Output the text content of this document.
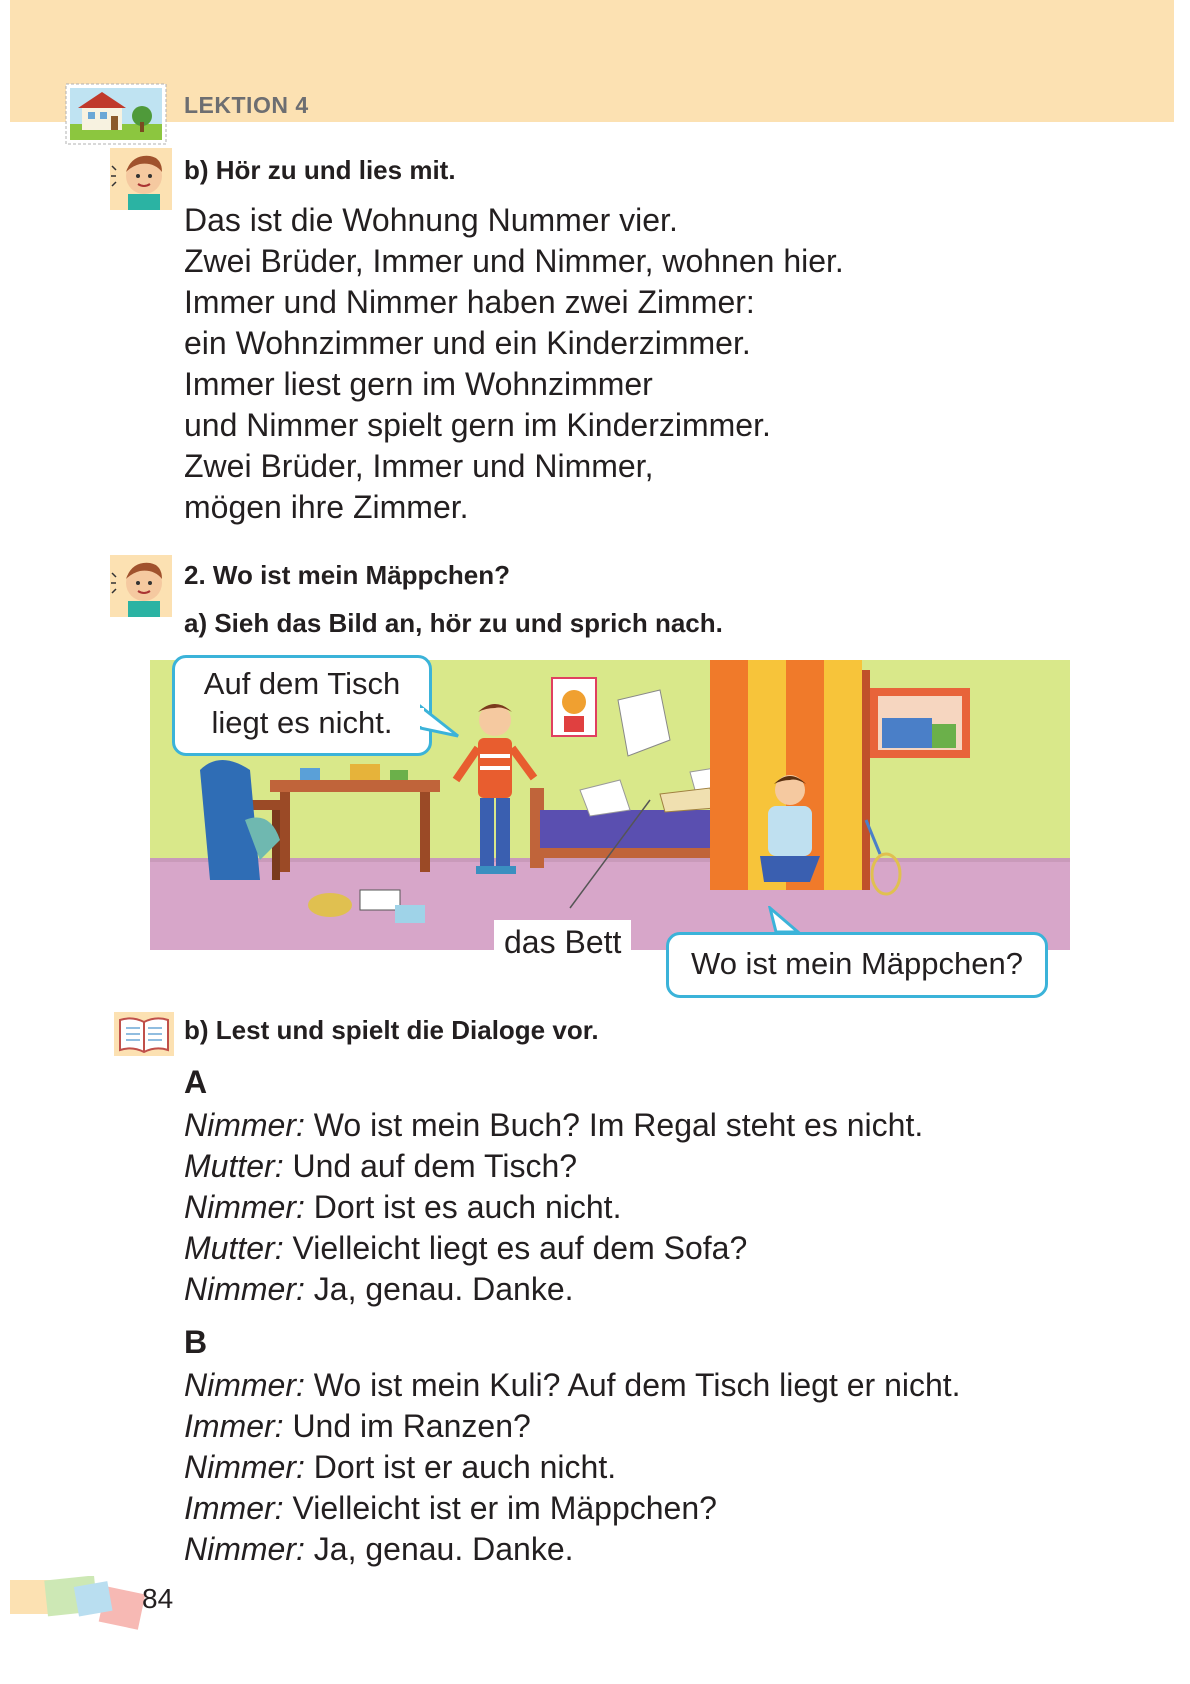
LEKTION 4
b) Hör zu und lies mit.
Das ist die Wohnung Nummer vier.
Zwei Brüder, Immer und Nimmer, wohnen hier.
Immer und Nimmer haben zwei Zimmer:
ein Wohnzimmer und ein Kinderzimmer.
Immer liest gern im Wohnzimmer
und Nimmer spielt gern im Kinderzimmer.
Zwei Brüder, Immer und Nimmer,
mögen ihre Zimmer.
2. Wo ist mein Mäppchen?
a) Sieh das Bild an, hör zu und sprich nach.
Auf dem Tisch
liegt es nicht.
das Bett
Wo ist mein Mäppchen?
b) Lest und spielt die Dialoge vor.
A
Nimmer: Wo ist mein Buch? Im Regal steht es nicht.
Mutter: Und auf dem Tisch?
Nimmer: Dort ist es auch nicht.
Mutter: Vielleicht liegt es auf dem Sofa?
Nimmer: Ja, genau. Danke.
B
Nimmer: Wo ist mein Kuli? Auf dem Tisch liegt er nicht.
Immer: Und im Ranzen?
Nimmer: Dort ist er auch nicht.
Immer: Vielleicht ist er im Mäppchen?
Nimmer: Ja, genau. Danke.
84
